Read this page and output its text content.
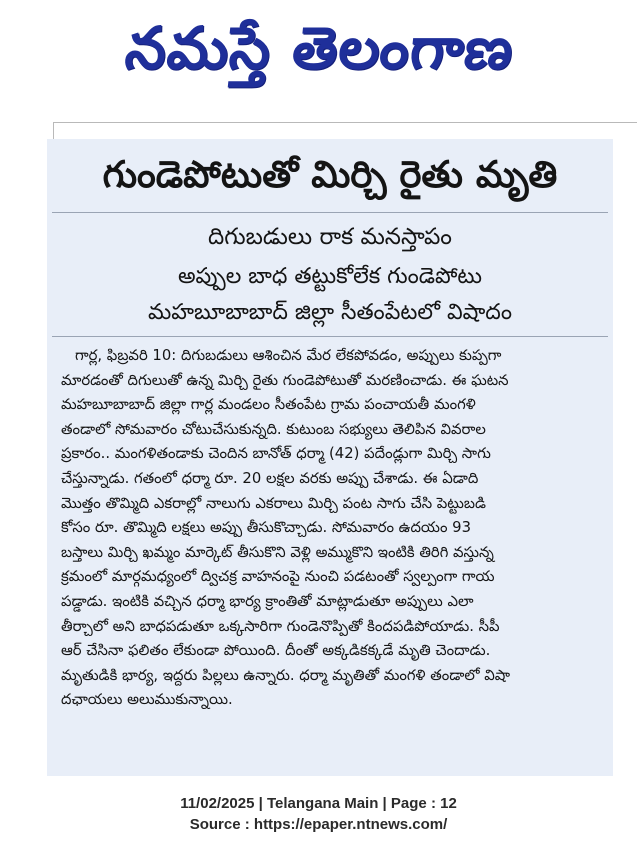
నమస్తే తెలంగాణ
గుండెపోటుతో మిర్చి రైతు మృతి
దిగుబడులు రాక మనస్తాపం
అప్పుల బాధ తట్టుకోలేక గుండెపోటు
మహబూబాబాద్ జిల్లా సీతంపేటలో విషాదం
గార్ల, ఫిబ్రవరి 10: దిగుబడులు ఆశించిన మేర లేకపోవడం, అప్పులు కుప్పగా
మారడంతో దిగులుతో ఉన్న మిర్చి రైతు గుండెపోటుతో మరణించాడు. ఈ ఘటన
మహబూబాబాద్ జిల్లా గార్ల మండలం సీతంపేట గ్రామ పంచాయతీ మంగళి
తండాలో సోమవారం చోటుచేసుకున్నది. కుటుంబ సభ్యులు తెలిపిన వివరాల
ప్రకారం.. మంగళితండాకు చెందిన బానోత్ ధర్మా (42) పదేండ్లుగా మిర్చి సాగు
చేస్తున్నాడు. గతంలో ధర్మా రూ. 20 లక్షల వరకు అప్పు చేశాడు. ఈ ఏడాది
మొత్తం తొమ్మిది ఎకరాల్లో నాలుగు ఎకరాలు మిర్చి పంట సాగు చేసి పెట్టుబడి
కోసం రూ. తొమ్మిది లక్షలు అప్పు తీసుకొచ్చాడు. సోమవారం ఉదయం 93
బస్తాలు మిర్చి ఖమ్మం మార్కెట్ తీసుకొని వెళ్లి అమ్ముకొని ఇంటికి తిరిగి వస్తున్న
క్రమంలో మార్గమధ్యంలో ద్విచక్ర వాహనంపై నుంచి పడటంతో స్వల్పంగా గాయ
పడ్డాడు. ఇంటికి వచ్చిన ధర్మా భార్య క్రాంతితో మాట్లాడుతూ అప్పులు ఎలా
తీర్చాలో అని బాధపడుతూ ఒక్కసారిగా గుండెనొప్పితో కిందపడిపోయాడు. సీపీ
ఆర్ చేసినా ఫలితం లేకుండా పోయింది. దీంతో అక్కడికక్కడే మృతి చెందాడు.
మృతుడికి భార్య, ఇద్దరు పిల్లలు ఉన్నారు. ధర్మా మృతితో మంగళి తండాలో విషా
దఛాయలు అలుముకున్నాయి.
11/02/2025 | Telangana Main | Page : 12
Source : https://epaper.ntnews.com/
